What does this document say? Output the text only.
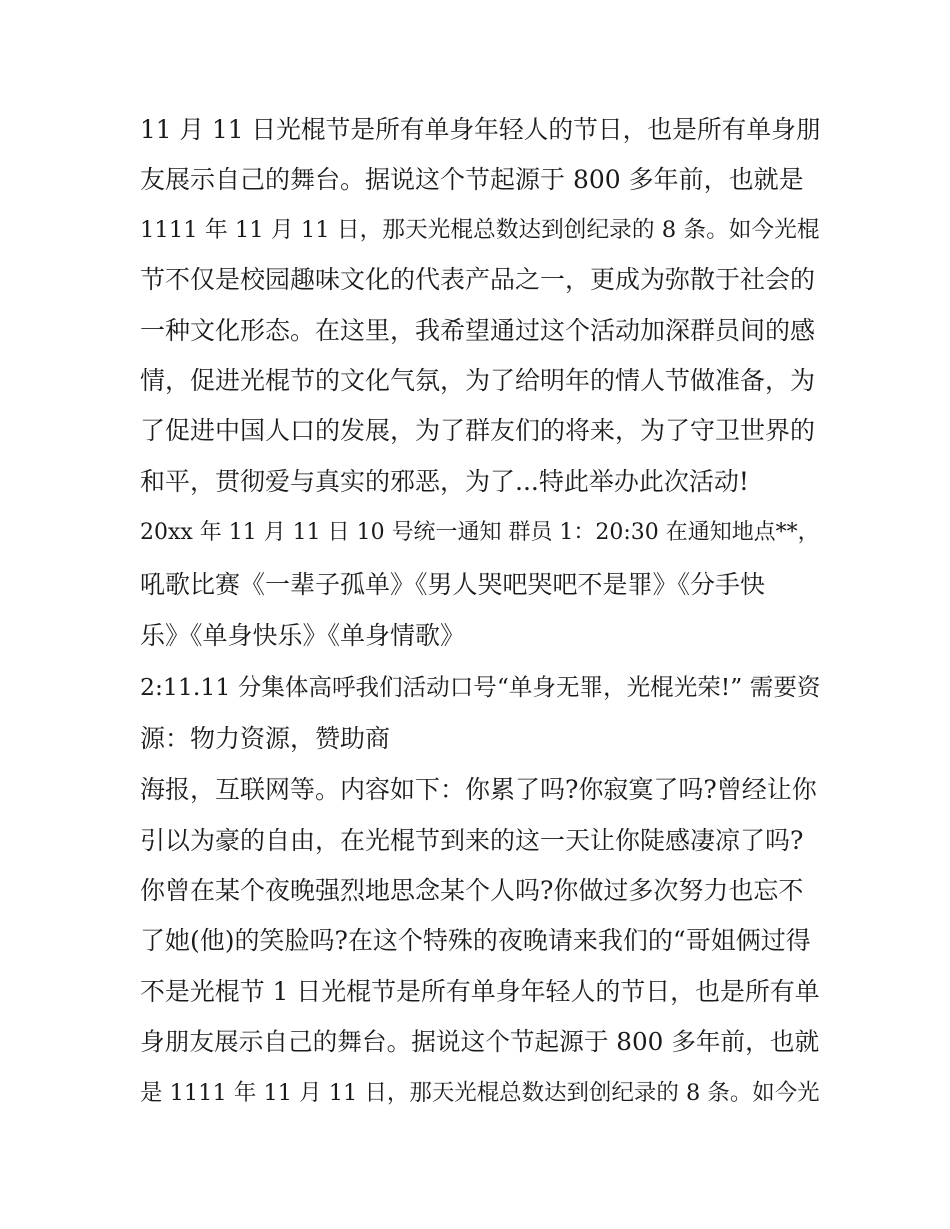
11 月 11 日光棍节是所有单身年轻人的节日，也是所有单身朋
友展示自己的舞台。据说这个节起源于 800 多年前，也就是
1111 年 11 月 11 日，那天光棍总数达到创纪录的 8 条。如今光棍
节不仅是校园趣味文化的代表产品之一，更成为弥散于社会的
一种文化形态。在这里，我希望通过这个活动加深群员间的感
情，促进光棍节的文化气氛，为了给明年的情人节做准备，为
了促进中国人口的发展，为了群友们的将来，为了守卫世界的
和平，贯彻爱与真实的邪恶，为了...特此举办此次活动!
20xx 年 11 月 11 日 10 号统一通知 群员 1：20:30 在通知地点**，
吼歌比赛《一辈子孤单》《男人哭吧哭吧不是罪》《分手快
乐》《单身快乐》《单身情歌》
2:11.11 分集体高呼我们活动口号“单身无罪，光棍光荣!” 需要资
源：物力资源，赞助商
海报，互联网等。内容如下：你累了吗?你寂寞了吗?曾经让你
引以为豪的自由，在光棍节到来的这一天让你陡感凄凉了吗?
你曾在某个夜晚强烈地思念某个人吗?你做过多次努力也忘不
了她(他)的笑脸吗?在这个特殊的夜晚请来我们的“哥姐俩过得
不是光棍节 1 日光棍节是所有单身年轻人的节日，也是所有单
身朋友展示自己的舞台。据说这个节起源于 800 多年前，也就
是 1111 年 11 月 11 日，那天光棍总数达到创纪录的 8 条。如今光
